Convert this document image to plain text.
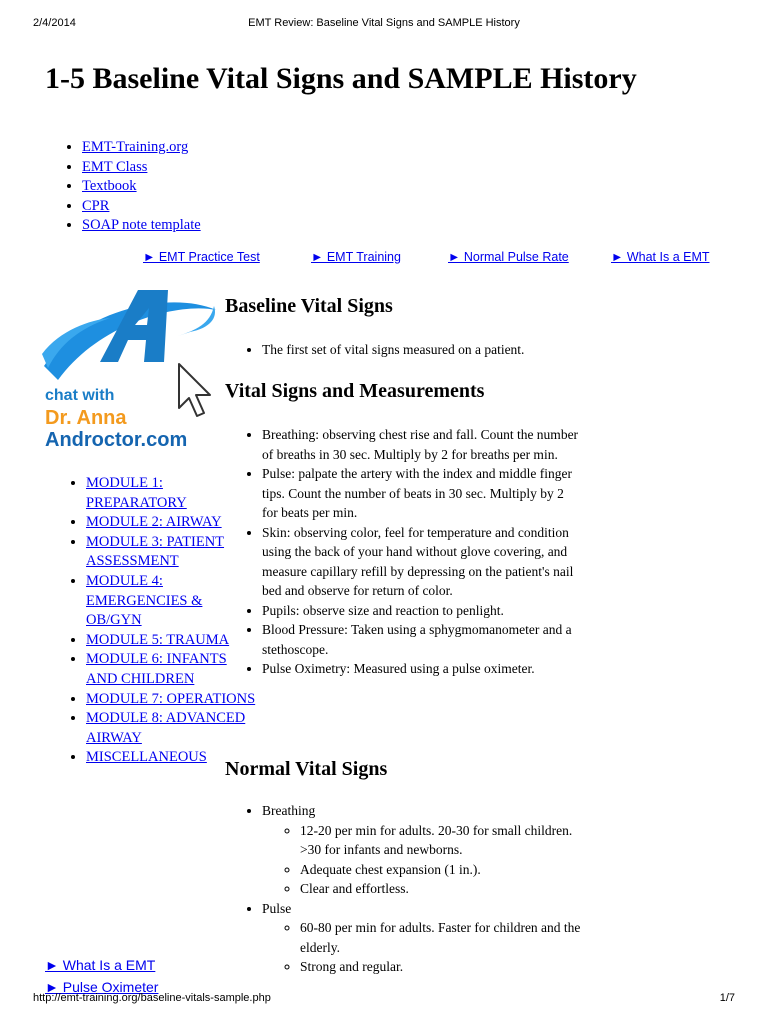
2/4/2014	EMT Review: Baseline Vital Signs and SAMPLE History
1-5 Baseline Vital Signs and SAMPLE History
• EMT-Training.org
• EMT Class
• Textbook
• CPR
• SOAP note template
► EMT Practice Test	► EMT Training	► Normal Pulse Rate	► What Is a EMT
chat with
Dr. Anna
Androctor.com
• MODULE 1: PREPARATORY
• MODULE 2: AIRWAY
• MODULE 3: PATIENT ASSESSMENT
• MODULE 4: EMERGENCIES & OB/GYN
• MODULE 5: TRAUMA
• MODULE 6: INFANTS AND CHILDREN
• MODULE 7: OPERATIONS
• MODULE 8: ADVANCED AIRWAY
• MISCELLANEOUS
► What Is a EMT
► Pulse Oximeter
Baseline Vital Signs
• The first set of vital signs measured on a patient.
Vital Signs and Measurements
• Breathing: observing chest rise and fall. Count the number of breaths in 30 sec. Multiply by 2 for breaths per min.
• Pulse: palpate the artery with the index and middle finger tips. Count the number of beats in 30 sec. Multiply by 2 for beats per min.
• Skin: observing color, feel for temperature and condition using the back of your hand without glove covering, and measure capillary refill by depressing on the patient's nail bed and observe for return of color.
• Pupils: observe size and reaction to penlight.
• Blood Pressure: Taken using a sphygmomanometer and a stethoscope.
• Pulse Oximetry: Measured using a pulse oximeter.
Normal Vital Signs
• Breathing
◦ 12-20 per min for adults. 20-30 for small children. >30 for infants and newborns.
◦ Adequate chest expansion (1 in.).
◦ Clear and effortless.
• Pulse
◦ 60-80 per min for adults. Faster for children and the elderly.
◦ Strong and regular.
http://emt-training.org/baseline-vitals-sample.php	1/7
